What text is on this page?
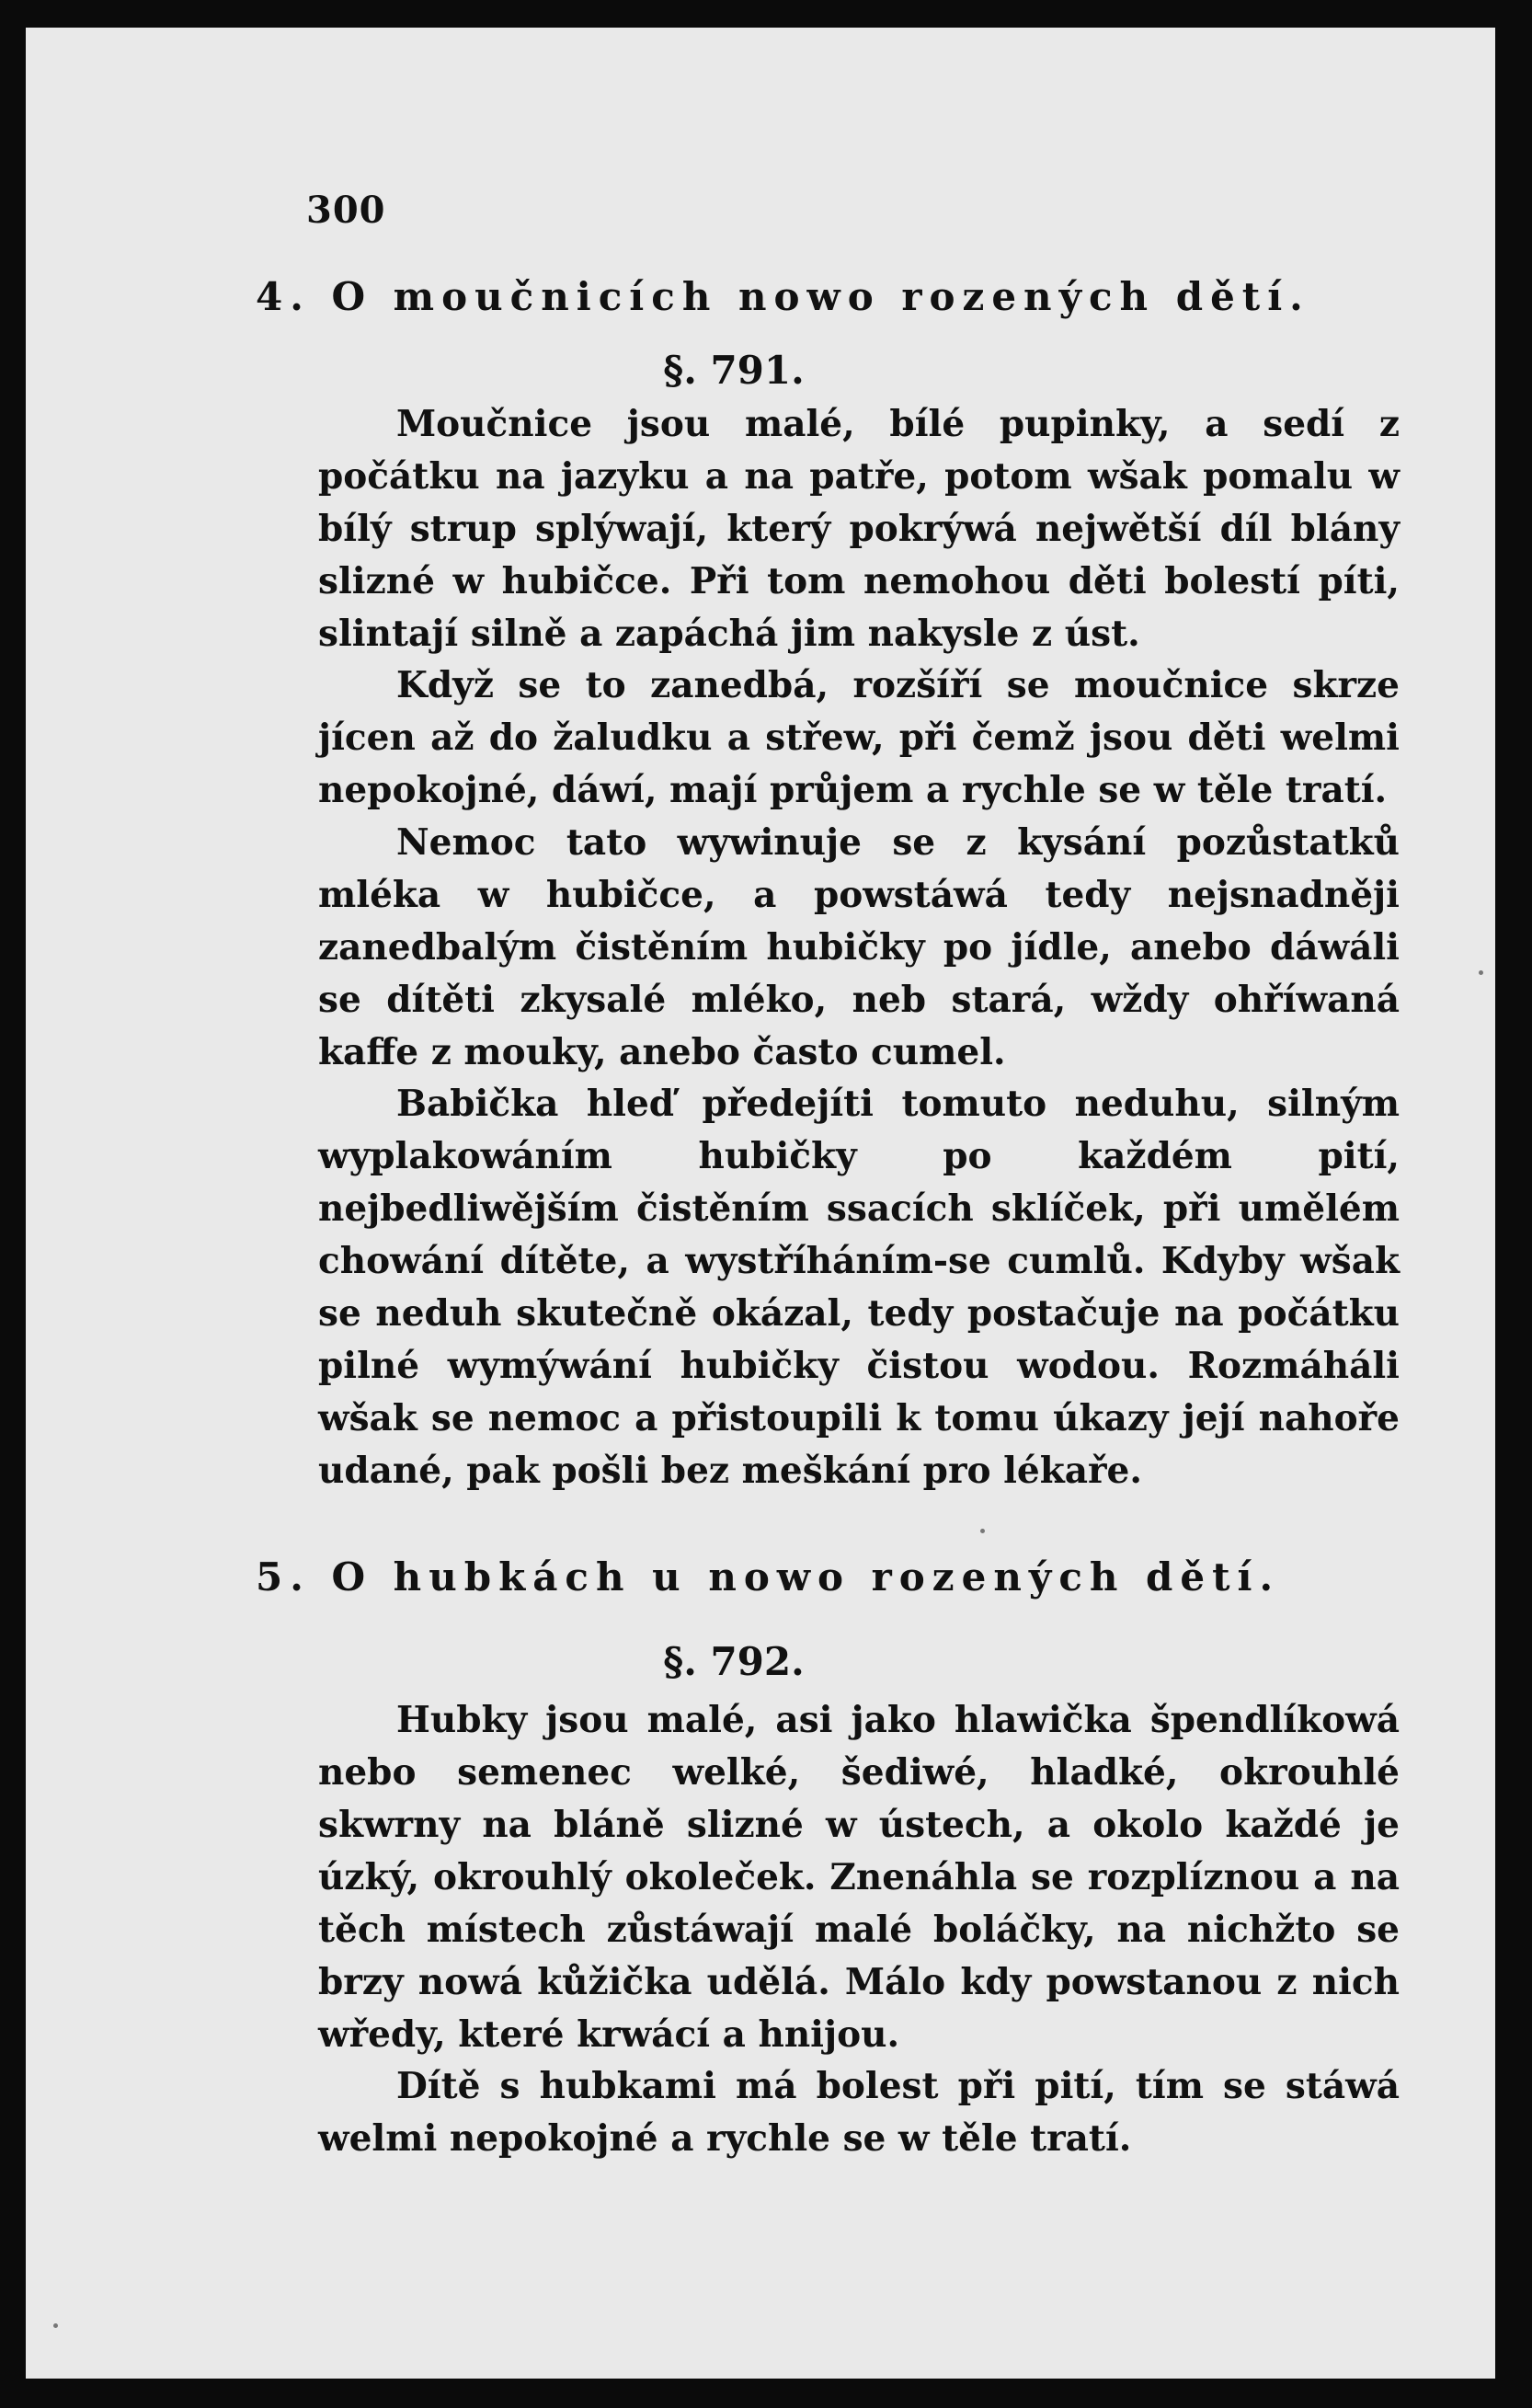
300
4. O moučnicích nowo rozených dětí.
§. 791.

Moučnice jsou malé, bílé pupinky, a sedí z počátku na jazyku a na patře, potom wšak pomalu w bílý strup splýwají, který pokrýwá nejwětší díl blány slizné w hubičce. Při tom nemohou děti bolestí píti, slintají silně a zapáchá jim nakysle z úst.

Když se to zanedbá, rozšíří se moučnice skrze jícen až do žaludku a střew, při čemž jsou děti welmi nepokojné, dáwí, mají průjem a rychle se w těle tratí.

Nemoc tato wywinuje se z kysání pozůstatků mléka w hubičce, a powstáwá tedy nejsnadněji zanedbalým čistěním hubičky po jídle, anebo dáwáli se dítěti zkysalé mléko, neb stará, wždy ohříwaná kaffe z mouky, anebo často cumel.

Babička hleď předejíti tomuto neduhu, silným wyplakowáním hubičky po každém pití, nejbedliwějším čistěním ssacích sklíček, při umělém chowání dítěte, a wystříháním-se cumlů. Kdyby wšak se neduh skutečně okázal, tedy postačuje na počátku pilné wymýwání hubičky čistou wodou. Rozmáháli wšak se nemoc a přistoupili k tomu úkazy její nahoře udané, pak pošli bez meškání pro lékaře.

5. O hubkách u nowo rozených dětí.
§. 792.

Hubky jsou malé, asi jako hlawička špendlíkowá nebo semenec welké, šediwé, hladké, okrouhlé skwrny na bláně slizné w ústech, a okolo každé je úzký, okrouhlý okoleček. Znenáhla se rozplíznou a na těch místech zůstáwají malé boláčky, na nichžto se brzy nowá kůžička udělá. Málo kdy powstanou z nich wředy, které krwácí a hnijou.

Dítě s hubkami má bolest při pití, tím se stáwá welmi nepokojné a rychle se w těle tratí.
